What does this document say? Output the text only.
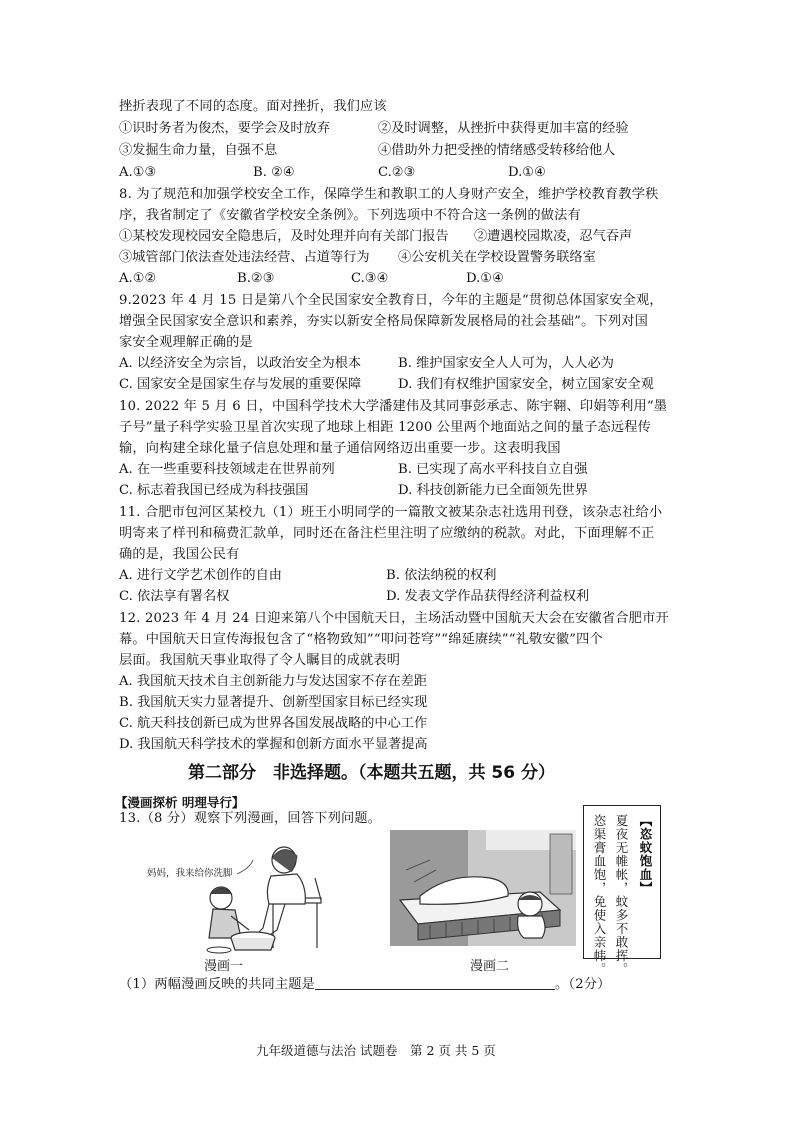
挫折表现了不同的态度。面对挫折，我们应该
①识时务者为俊杰，要学会及时放弃	②及时调整，从挫折中获得更加丰富的经验
③发掘生命力量，自强不息	④借助外力把受挫的情绪感受转移给他人
A.①③	B. ②④	C.②③	D.①④
8. 为了规范和加强学校安全工作，保障学生和教职工的人身财产安全，维护学校教育教学秩
序，我省制定了《安徽省学校安全条例》。下列选项中不符合这一条例的做法有
①某校发现校园安全隐患后，及时处理并向有关部门报告 ②遭遇校园欺凌，忍气吞声
③城管部门依法查处违法经营、占道等行为 ④公安机关在学校设置警务联络室
A.①②	B.②③	C.③④	D.①④
9.2023 年 4 月 15 日是第八个全民国家安全教育日，今年的主题是“贯彻总体国家安全观，
增强全民国家安全意识和素养，夯实以新安全格局保障新发展格局的社会基础”。下列对国
家安全观理解正确的是
A. 以经济安全为宗旨，以政治安全为根本	B. 维护国家安全人人可为，人人必为
C. 国家安全是国家生存与发展的重要保障	D. 我们有权维护国家安全，树立国家安全观
10. 2022 年 5 月 6 日，中国科学技术大学潘建伟及其同事彭承志、陈宇翱、印娟等利用“墨
子号”量子科学实验卫星首次实现了地球上相距 1200 公里两个地面站之间的量子态远程传
输，向构建全球化量子信息处理和量子通信网络迈出重要一步。这表明我国
A. 在一些重要科技领域走在世界前列	B. 已实现了高水平科技自立自强
C. 标志着我国已经成为科技强国	D. 科技创新能力已全面领先世界
11. 合肥市包河区某校九（1）班王小明同学的一篇散文被某杂志社选用刊登，该杂志社给小
明寄来了样刊和稿费汇款单，同时还在备注栏里注明了应缴纳的税款。对此，下面理解不正
确的是，我国公民有
A. 进行文学艺术创作的自由	B. 依法纳税的权利
C. 依法享有署名权	D. 发表文学作品获得经济利益权利
12. 2023 年 4 月 24 日迎来第八个中国航天日，主场活动暨中国航天大会在安徽省合肥市开
幕。中国航天日宣传海报包含了“格物致知”“叩问苍穹”“绵延赓续”“礼敬安徽”四个
层面。我国航天事业取得了令人瞩目的成就表明
A. 我国航天技术自主创新能力与发达国家不存在差距
B. 我国航天实力显著提升、创新型国家目标已经实现
C. 航天科技创新已成为世界各国发展战略的中心工作
D. 我国航天科学技术的掌握和创新方面水平显著提高
第二部分　非选择题。（本题共五题，共 56 分）
【漫画探析 明理导行】
13.（8 分）观察下列漫画，回答下列问题。
妈妈，我来给你洗脚
漫画一	漫画二
【恣蚊饱血】
夏夜无帷帐，蚊多不敢挥。
恣渠膏血饱，免使入亲帏。
（1）两幅漫画反映的共同主题是	。（2分）
九年级道德与法治 试题卷　第 2 页 共 5 页
